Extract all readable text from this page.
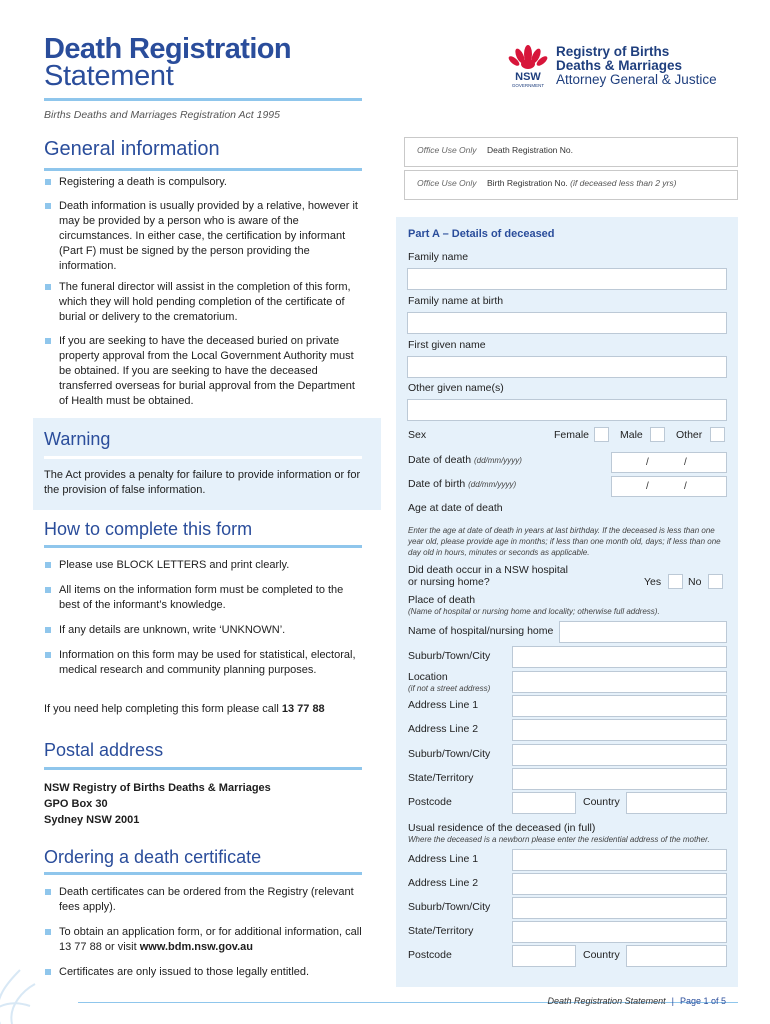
Death Registration
Statement
Births Deaths and Marriages Registration Act 1995
NSW
GOVERNMENT
Registry of Births
Deaths & Marriages
Attorney General & Justice
General information
Registering a death is compulsory.
Death information is usually provided by a relative, however it may be provided by a person who is aware of the circumstances. In either case, the certification by informant (Part F) must be signed by the person providing the information.
The funeral director will assist in the completion of this form, which they will hold pending completion of the certificate of burial or delivery to the crematorium.
If you are seeking to have the deceased buried on private property approval from the Local Government Authority must be obtained. If you are seeking to have the deceased transferred overseas for burial approval from the Department of Health must be obtained.
Warning
The Act provides a penalty for failure to provide information or for the provision of false information.
How to complete this form
Please use BLOCK LETTERS and print clearly.
All items on the information form must be completed to the best of the informant’s knowledge.
If any details are unknown, write ‘UNKNOWN’.
Information on this form may be used for statistical, electoral, medical research and community planning purposes.
If you need help completing this form please call 13 77 88
Postal address
NSW Registry of Births Deaths & Marriages
GPO Box 30
Sydney NSW 2001
Ordering a death certificate
Death certificates can be ordered from the Registry (relevant fees apply).
To obtain an application form, or for additional information, call 13 77 88 or visit www.bdm.nsw.gov.au
Certificates are only issued to those legally entitled.
Office Use Only Death Registration No.
Office Use Only Birth Registration No. (if deceased less than 2 yrs)
Part A – Details of deceased
Family name
Family name at birth
First given name
Other given name(s)
Sex	Female	Male	Other
Date of death (dd/mm/yyyy)	/	/
Date of birth (dd/mm/yyyy)	/	/
Age at date of death
Enter the age at date of death in years at last birthday. If the deceased is less than one year old, please provide age in months; if less than one month old, days; if less than one day old in hours, minutes or seconds as applicable.
Did death occur in a NSW hospital
or nursing home?	Yes	No
Place of death
(Name of hospital or nursing home and locality; otherwise full address).
Name of hospital/nursing home
Suburb/Town/City
Location
(if not a street address)
Address Line 1
Address Line 2
Suburb/Town/City
State/Territory
Postcode	Country
Usual residence of the deceased (in full)
Where the deceased is a newborn please enter the residential address of the mother.
Address Line 1
Address Line 2
Suburb/Town/City
State/Territory
Postcode	Country
Death Registration Statement | Page 1 of 5
